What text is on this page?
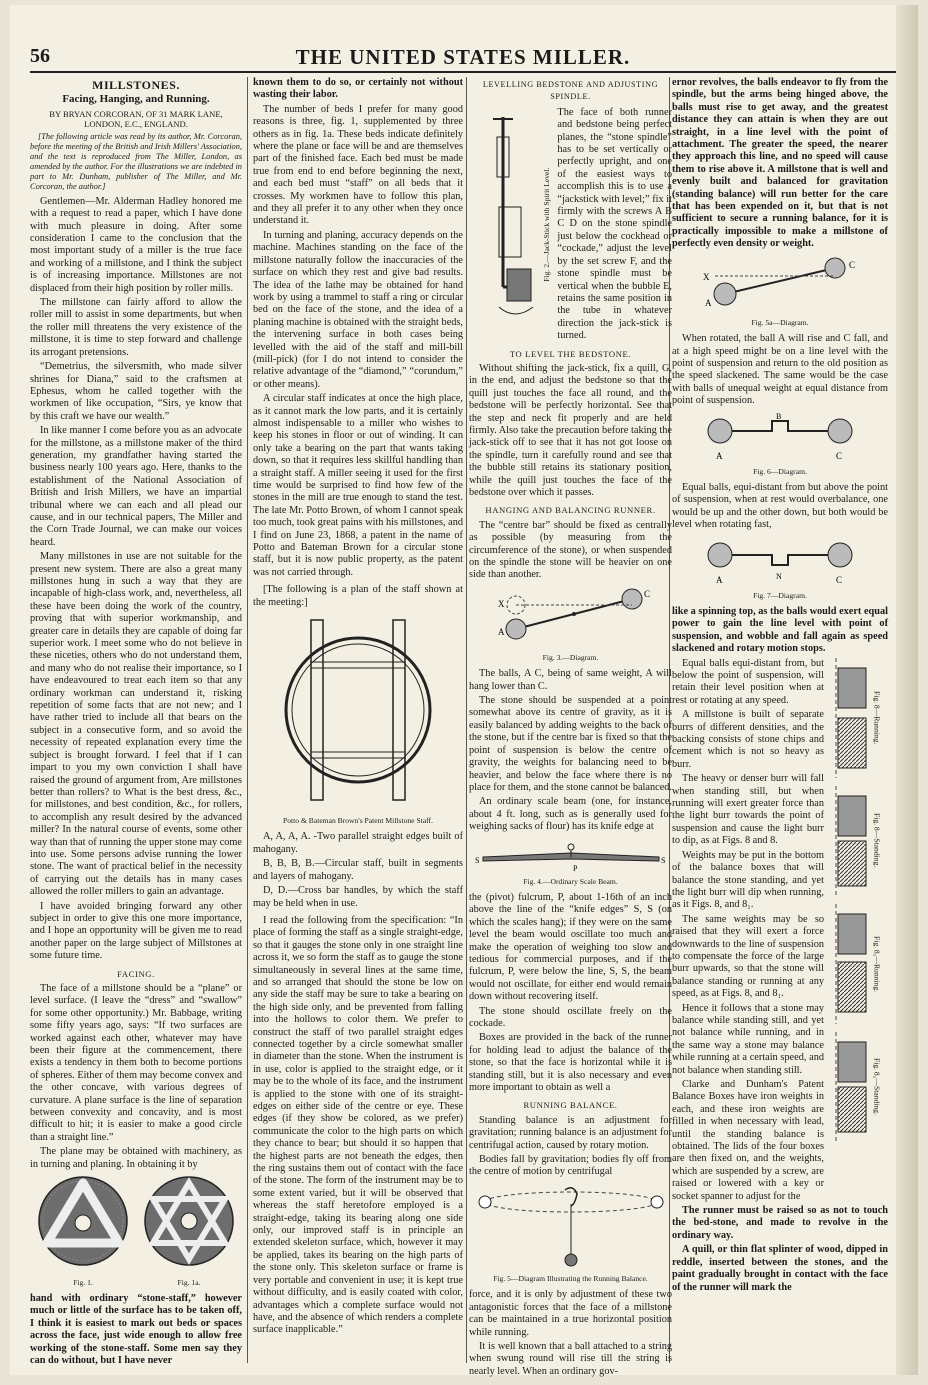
56	THE UNITED STATES MILLER.
MILLSTONES.
Facing, Hanging, and Running.
BY BRYAN CORCORAN, OF 31 MARK LANE, LONDON, E.C., ENGLAND.
[The following article was read by its author, Mr. Corcoran, before the meeting of the British and Irish Millers' Association, and the text is reproduced from The Miller, London, as amended by the author. For the illustrations we are indebted in part to Mr. Dunham, publisher of The Miller, and Mr. Corcoran, the author.]

Gentlemen—Mr. Alderman Hadley honored me with a request to read a paper, which I have done with much pleasure in doing. After some consideration I came to the conclusion that the most important study of a miller is the true face and working of a millstone, and I think the subject is of increasing importance. Millstones are not displaced from their high position by roller mills.

The millstone can fairly afford to allow the roller mill to assist in some departments, but when the roller mill threatens the very existence of the millstone, it is time to step forward and challenge its arrogant pretensions.

“Demetrius, the silversmith, who made silver shrines for Diana,” said to the craftsmen at Ephesus, whom he called together with the workmen of like occupation, “Sirs, ye know that by this craft we have our wealth.”

In like manner I come before you as an advocate for the millstone, as a millstone maker of the third generation, my grandfather having started the business nearly 100 years ago. Here, thanks to the establishment of the National Association of British and Irish Millers, we have an impartial tribunal where we can each and all plead our cause, and in our technical papers, The Miller and the Corn Trade Journal, we can make our voices heard.

Many millstones in use are not suitable for the present new system. There are also a great many millstones hung in such a way that they are incapable of high-class work, and, nevertheless, all these have been doing the work of the country, proving that with superior workmanship, and greater care in details they are capable of doing far superior work. I meet some who do not believe in these niceties, others who do not understand them, and many who do not realise their importance, so I have endeavoured to treat each item so that any ordinary workman can understand it, risking repetition of some facts that are not new; and I have rather tried to include all that bears on the subject in a consecutive form, and so avoid the necessity of repeated explanation every time the subject is brought forward. I feel that if I can impart to you my own conviction I shall have raised the ground of argument from, Are millstones better than rollers? to What is the best dress, &c., for millstones, and best condition, &c., for rollers, to accomplish any result desired by the advanced miller? In the natural course of events, some other way than that of running the upper stone may come into use. Some persons advise running the lower stone. The want of practical belief in the necessity of carrying out the details has in many cases allowed the roller millers to gain an advantage.

I have avoided bringing forward any other subject in order to give this one more importance, and I hope an opportunity will be given me to read another paper on the large subject of Millstones at some future time.

FACING.

The face of a millstone should be a “plane” or level surface. (I leave the “dress” and “swallow” for some other opportunity.) Mr. Babbage, writing some fifty years ago, says: “If two surfaces are worked against each other, whatever may have been their figure at the commencement, there exists a tendency in them both to become portions of spheres. Either of them may become convex and the other concave, with various degrees of curvature. A plane surface is the line of separation between convexity and concavity, and is most difficult to hit; it is easier to make a good circle than a straight line.”

The plane may be obtained with machinery, as in turning and planing. In obtaining it by

Fig. 1.	Fig. 1a.

hand with ordinary “stone-staff,” however much or little of the surface has to be taken off, I think it is easiest to mark out beds or spaces across the face, just wide enough to allow free working of the stone-staff. Some men say they can do without, but I have never

known them to do so, or certainly not without wasting their labor.

The number of beds I prefer for many good reasons is three, fig. 1, supplemented by three others as in fig. 1a. These beds indicate definitely where the plane or face will be and are themselves part of the finished face. Each bed must be made true from end to end before beginning the next, and each bed must “staff” on all beds that it crosses. My workmen have to follow this plan, and they all prefer it to any other when they once understand it.

In turning and planing, accuracy depends on the machine. Machines standing on the face of the millstone naturally follow the inaccuracies of the surface on which they rest and give bad results. The idea of the lathe may be obtained for hand work by using a trammel to staff a ring or circular bed on the face of the stone, and the idea of a planing machine is obtained with the straight beds, the intervening surface in both cases being levelled with the aid of the staff and mill-bill (mill-pick) (for I do not intend to consider the relative advantage of the “diamond,” “corundum,” or other means).

A circular staff indicates at once the high place, as it cannot mark the low parts, and it is certainly almost indispensable to a miller who wishes to keep his stones in floor or out of winding. It can only take a bearing on the part that wants taking down, so that it requires less skillful handling than a straight staff. A miller seeing it used for the first time would be surprised to find how few of the stones in the mill are true enough to stand the test. The late Mr. Potto Brown, of whom I cannot speak too much, took great pains with his millstones, and I find on June 23, 1868, a patent in the name of Potto and Bateman Brown for a circular stone staff, but it is now public property, as the patent was not carried through.

[The following is a plan of the staff shown at the meeting:]

Potto & Bateman Brown's Patent Millstone Staff.

A, A, A, A. -Two parallel straight edges built of mahogany.

B, B, B, B.—Circular staff, built in segments and layers of mahogany.

D, D.—Cross bar handles, by which the staff may be held when in use.

I read the following from the specification: “In place of forming the staff as a single straight-edge, so that it gauges the stone only in one straight line across it, we so form the staff as to gauge the stone simultaneously in several lines at the same time, and so arranged that should the stone be low on any side the staff may be sure to take a bearing on the high side only, and be prevented from falling into the hollows to color them. We prefer to construct the staff of two parallel straight edges connected together by a circle somewhat smaller in diameter than the stone. When the instrument is in use, color is applied to the straight edge, or it may be to the whole of its face, and the instrument is applied to the stone with one of its straight-edges on either side of the centre or eye. These edges (if they show be colored, as we prefer) communicate the color to the high parts on which they chance to bear; but should it so happen that the highest parts are not beneath the edges, then the ring sustains them out of contact with the face of the stone. The form of the instrument may be to some extent varied, but it will be observed that whereas the staff heretofore employed is a straight-edge, taking its bearing along one side only, our improved staff is in principle an extended skeleton surface, which, however it may be applied, takes its bearing on the high parts of the stone only. This skeleton surface or frame is very portable and convenient in use; it is kept true without difficulty, and is easily coated with color, advantages which a complete surface would not have, and the absence of which renders a complete surface inapplicable.”

LEVELLING BEDSTONE AND ADJUSTING SPINDLE.
Fig. 2.—Jack-Stick with Spirit Level.
The face of both runner and bedstone being perfect planes, the “stone spindle” has to be set vertically or perfectly upright, and one of the easiest ways to accomplish this is to use a “jackstick with level;” fix it firmly with the screws A B C D on the stone spindle just below the cockhead or “cockade,” adjust the level by the set screw F, and the stone spindle must be vertical when the bubble E, retains the same position in the tube in whatever direction the jack-stick is turned.
TO LEVEL THE BEDSTONE.

Without shifting the jack-stick, fix a quill, G, in the end, and adjust the bedstone so that the quill just touches the face all round, and the bedstone will be perfectly horizontal. See that the step and neck fit properly and are held firmly. Also take the precaution before taking the jack-stick off to see that it has not got loose on the spindle, turn it carefully round and see that the bubble still retains its stationary position, while the quill just touches the face of the bedstone over which it passes.

HANGING AND BALANCING RUNNER.

The “centre bar” should be fixed as centrally as possible (by measuring from the circumference of the stone), or when suspended on the spindle the stone will be heavier on one side than another.

A
C
X
Fig. 3.—Diagram.

The balls, A C, being of same weight, A will hang lower than C.

The stone should be suspended at a point somewhat above its centre of gravity, as it is easily balanced by adding weights to the back of the stone, but if the centre bar is fixed so that the point of suspension is below the centre of gravity, the weights for balancing need to be heavier, and below the face where there is no place for them, and the stone cannot be balanced.

An ordinary scale beam (one, for instance, about 4 ft. long, such as is generally used for weighing sacks of flour) has its knife edge at

S	S
P
Fig. 4.—Ordinary Scale Beam.

the (pivot) fulcrum, P, about 1-16th of an inch above the line of the “knife edges” S, S (on which the scales hang); if they were on the same level the beam would oscillate too much and make the operation of weighing too slow and tedious for commercial purposes, and if the fulcrum, P, were below the line, S, S, the beam would not oscillate, for either end would remain down without recovering itself.

The stone should oscillate freely on the cockade.

Boxes are provided in the back of the runner for holding lead to adjust the balance of the stone, so that the face is horizontal while it is standing still, but it is also necessary and even more important to obtain as well a

RUNNING BALANCE.

Standing balance is an adjustment for gravitation; running balance is an adjustment for centrifugal action, caused by rotary motion.

Bodies fall by gravitation; bodies fly off from the centre of motion by centrifugal

Fig. 5—Diagram Illustrating the Running Balance.

force, and it is only by adjustment of these two antagonistic forces that the face of a millstone can be maintained in a true horizontal position while running.

It is well known that a ball attached to a string when swung round will rise till the string is nearly level. When an ordinary gov-

ernor revolves, the balls endeavor to fly from the spindle, but the arms being hinged above, the balls must rise to get away, and the greatest distance they can attain is when they are out straight, in a line level with the point of attachment. The greater the speed, the nearer they approach this line, and no speed will cause them to rise above it. A millstone that is well and evenly built and balanced for gravitation (standing balance) will run better for the care that has been expended on it, but that is not sufficient to secure a running balance, for it is practically impossible to make a millstone of perfectly even density or weight.

X
A
C
Fig. 5a—Diagram.

When rotated, the ball A will rise and C fall, and at a high speed might be on a line level with the point of suspension and return to the old position as the speed slackened. The same would be the case with balls of unequal weight at equal distance from point of suspension.

A
B
C
Fig. 6—Diagram.

Equal balls, equi-distant from but above the point of suspension, when at rest would overbalance, one would be up and the other down, but both would be level when rotating fast,

A	N	C
Fig. 7—Diagram.

like a spinning top, as the balls would exert equal power to gain the line level with point of suspension, and wobble and fall again as speed slackened and rotary motion stops.

Equal balls equi-distant from, but below the point of suspension, will retain their level position when at rest or rotating at any speed.

A millstone is built of separate burrs of different densities, and the backing consists of stone chips and cement which is not so heavy as burr.

The heavy or denser burr will fall when standing still, but when running will exert greater force than the light burr towards the point of suspension and cause the light burr to dip, as at Figs. 8 and 8.

Weights may be put in the bottom of the balance boxes that will balance the stone standing, and yet the light burr will dip when running, as it Figs. 8, and 8₁.

The same weights may be so raised that they will exert a force downwards to the line of suspension to compensate the force of the large burr upwards, so that the stone will balance standing or running at any speed, as at Figs. 8, and 8₁.

Hence it follows that a stone may balance while standing still, and yet not balance while running, and in the same way a stone may balance while running at a certain speed, and not balance when standing still.

Clarke and Dunham's Patent Balance Boxes have iron weights in each, and these iron weights are filled in when necessary with lead, until the standing balance is obtained. The lids of the four boxes are then fixed on, and the weights, which are suspended by a screw, are raised or lowered with a key or socket spanner to adjust for the

Fig. 8—Running.
Fig. 8—Standing.
Fig. 8₁—Running.
Fig. 8₁—Standing.

The runner must be raised so as not to touch the bed-stone, and made to revolve in the ordinary way.

A quill, or thin flat splinter of wood, dipped in reddle, inserted between the stones, and the paint gradually brought in contact with the face of the runner will mark the
